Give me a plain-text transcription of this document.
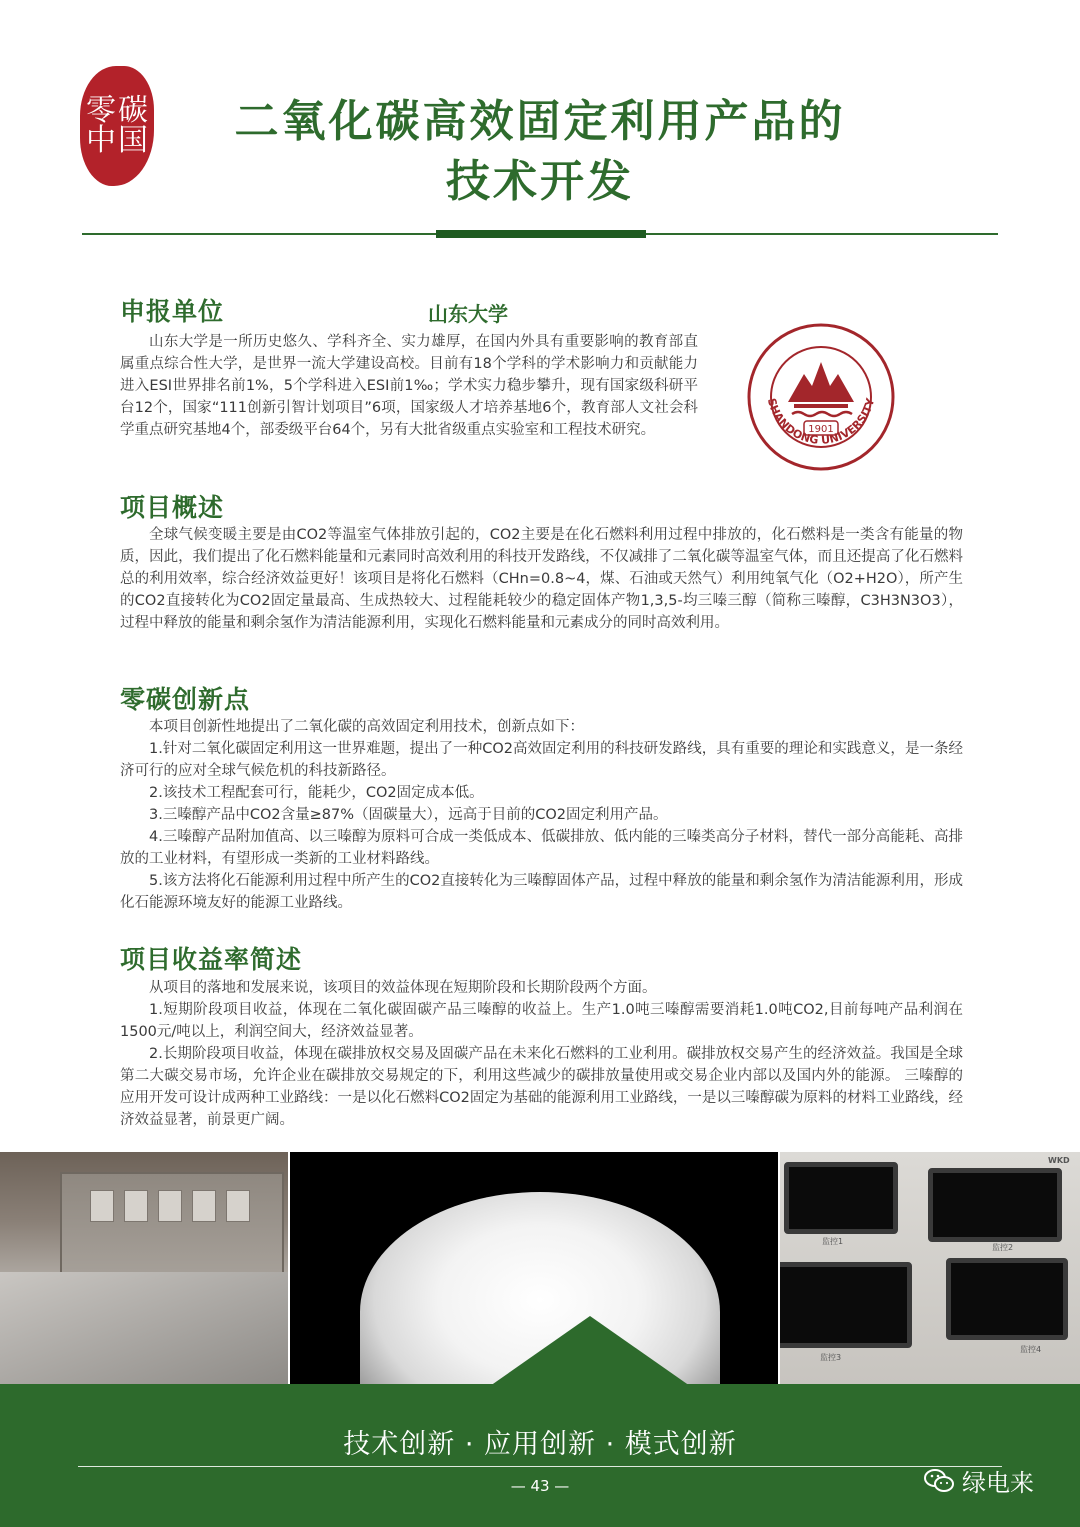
零 碳
中 国	二氧化碳高效固定利用产品的
技术开发
申报单位	山东大学

山东大学是一所历史悠久、学科齐全、实力雄厚，在国内外具有重要影响的教育部直属重点综合性大学，是世界一流大学建设高校。目前有18个学科的学术影响力和贡献能力进入ESI世界排名前1%，5个学科进入ESI前1‰；学术实力稳步攀升，现有国家级科研平台12个，国家“111创新引智计划项目”6项，国家级人才培养基地6个，教育部人文社会科学重点研究基地4个，部委级平台64个，另有大批省级重点实验室和工程技术研究。	1901
SHANDONG UNIVERSITY
项目概述

全球气候变暖主要是由CO2等温室气体排放引起的，CO2主要是在化石燃料利用过程中排放的，化石燃料是一类含有能量的物质，因此，我们提出了化石燃料能量和元素同时高效利用的科技开发路线，不仅减排了二氧化碳等温室气体，而且还提高了化石燃料总的利用效率，综合经济效益更好！该项目是将化石燃料（CHn=0.8~4，煤、石油或天然气）利用纯氧气化（O2+H2O），所产生的CO2直接转化为CO2固定量最高、生成热较大、过程能耗较少的稳定固体产物1,3,5-均三嗪三醇（简称三嗪醇，C3H3N3O3），过程中释放的能量和剩余氢作为清洁能源利用，实现化石燃料能量和元素成分的同时高效利用。

零碳创新点

本项目创新性地提出了二氧化碳的高效固定利用技术，创新点如下：

1.针对二氧化碳固定利用这一世界难题，提出了一种CO2高效固定利用的科技研发路线，具有重要的理论和实践意义，是一条经济可行的应对全球气候危机的科技新路径。

2.该技术工程配套可行，能耗少，CO2固定成本低。

3.三嗪醇产品中CO2含量≥87%（固碳量大），远高于目前的CO2固定利用产品。

4.三嗪醇产品附加值高、以三嗪醇为原料可合成一类低成本、低碳排放、低内能的三嗪类高分子材料，替代一部分高能耗、高排放的工业材料，有望形成一类新的工业材料路线。

5.该方法将化石能源利用过程中所产生的CO2直接转化为三嗪醇固体产品，过程中释放的能量和剩余氢作为清洁能源利用，形成化石能源环境友好的能源工业路线。

项目收益率简述

从项目的落地和发展来说，该项目的效益体现在短期阶段和长期阶段两个方面。

1.短期阶段项目收益，体现在二氧化碳固碳产品三嗪醇的收益上。生产1.0吨三嗪醇需要消耗1.0吨CO2,目前每吨产品利润在1500元/吨以上，利润空间大，经济效益显著。

2.长期阶段项目收益，体现在碳排放权交易及固碳产品在未来化石燃料的工业利用。碳排放权交易产生的经济效益。我国是全球第二大碳交易市场，允许企业在碳排放交易规定的下，利用这些减少的碳排放量使用或交易企业内部以及国内外的能源。 三嗪醇的应用开发可设计成两种工业路线：一是以化石燃料CO2固定为基础的能源利用工业路线，一是以三嗪醇碳为原料的材料工业路线，经济效益显著，前景更广阔。

WKD
监控1
监控2
监控3
监控4
技术创新 · 应用创新 · 模式创新
— 43 —	绿电来
